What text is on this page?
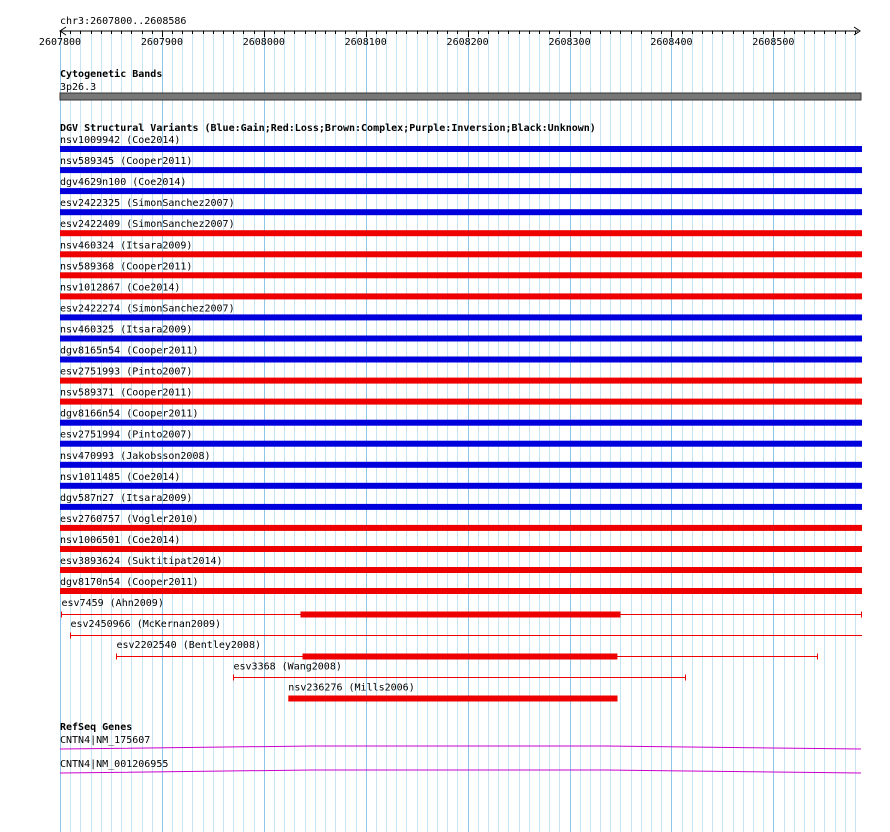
chr3:2607800..2608586
2607800	2607900	2608000	2608100	2608200	2608300	2608400	2608500
Cytogenetic Bands
3p26.3
DGV Structural Variants (Blue:Gain;Red:Loss;Brown:Complex;Purple:Inversion;Black:Unknown)
nsv1009942 (Coe2014)
nsv589345 (Cooper2011)
dgv4629n100 (Coe2014)
esv2422325 (SimonSanchez2007)
esv2422409 (SimonSanchez2007)
nsv460324 (Itsara2009)
nsv589368 (Cooper2011)
nsv1012867 (Coe2014)
esv2422274 (SimonSanchez2007)
nsv460325 (Itsara2009)
dgv8165n54 (Cooper2011)
esv2751993 (Pinto2007)
nsv589371 (Cooper2011)
dgv8166n54 (Cooper2011)
esv2751994 (Pinto2007)
nsv470993 (Jakobsson2008)
nsv1011485 (Coe2014)
dgv587n27 (Itsara2009)
esv2760757 (Vogler2010)
nsv1006501 (Coe2014)
esv3893624 (Suktitipat2014)
dgv8170n54 (Cooper2011)
esv7459 (Ahn2009)
esv2450966 (McKernan2009)
esv2202540 (Bentley2008)
esv3368 (Wang2008)
nsv236276 (Mills2006)
RefSeq Genes
CNTN4|NM_175607
CNTN4|NM_001206955
